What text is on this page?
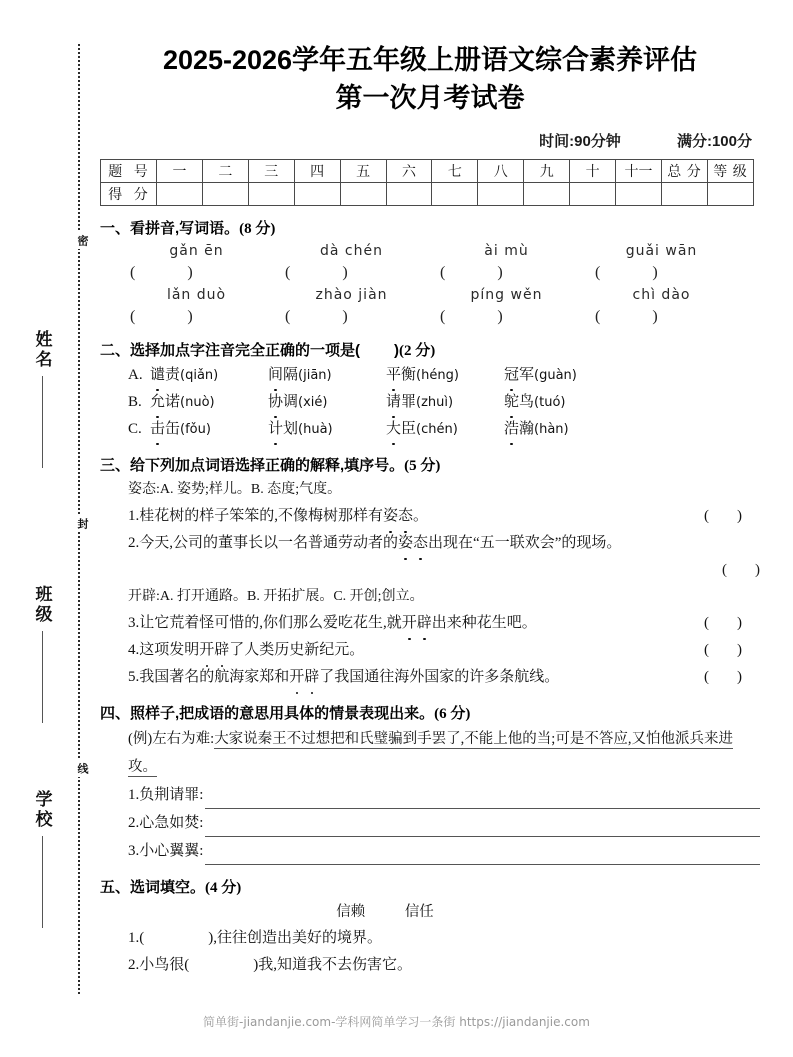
密
封
线
姓名
班级
学校
2025-2026学年五年级上册语文综合素养评估
第一次月考试卷
时间:90分钟	满分:100分
题 号	一	二	三	四	五	六	七	八	九	十	十一	总 分	等 级
得 分													
一、看拼音,写词语。(8 分)
gǎn ēn	dà chén	ài mù	guǎi wān
(	)	(	)	(	)	(	)
lǎn duò	zhào jiàn	píng wěn	chì dào
(	)	(	)	(	)	(	)
二、选择加点字注音完全正确的一项是( )(2 分)
A. 谴责(qiǎn)	间隔(jiān)	平衡(héng)	冠军(guàn)
B. 允诺(nuò)	协调(xié)	请罪(zhuì)	鸵鸟(tuó)
C. 击缶(fǒu)	计划(huà)	大臣(chén)	浩瀚(hàn)
三、给下列加点词语选择正确的解释,填序号。(5 分)
姿态:A. 姿势;样儿。B. 态度;气度。
1. 桂花树的样子笨笨的,不像梅树那样有 姿态 。	( )
2. 今天,公司的董事长以一名普通劳动者的 姿态 出现在“五一联欢会”的现场。
( )
开辟:A. 打开通路。B. 开拓扩展。C. 开创;创立。
3. 让它荒着怪可惜的,你们那么爱吃花生,就 开辟 出来种花生吧。	( )
4. 这项发明 开辟 了人类历史新纪元。	( )
5. 我国著名的航海家郑和 开辟 了我国通往海外国家的许多条航线。	( )
四、照样子,把成语的意思用具体的情景表现出来。(6 分)
(例)左右为难:大家说秦王不过想把和氏璧骗到手罢了,不能上他的当;可是不答应,又怕他派兵来进攻。
1. 负荆请罪 :
2. 心急如焚 :
3. 小心翼翼 :
五、选词填空。(4 分)
信赖	信任
1. (	),往往创造出美好的境界。
2. 小鸟很(	)我,知道我不去伤害它。
简单街-jiandanjie.com-学科网简单学习一条街 https://jiandanjie.com
